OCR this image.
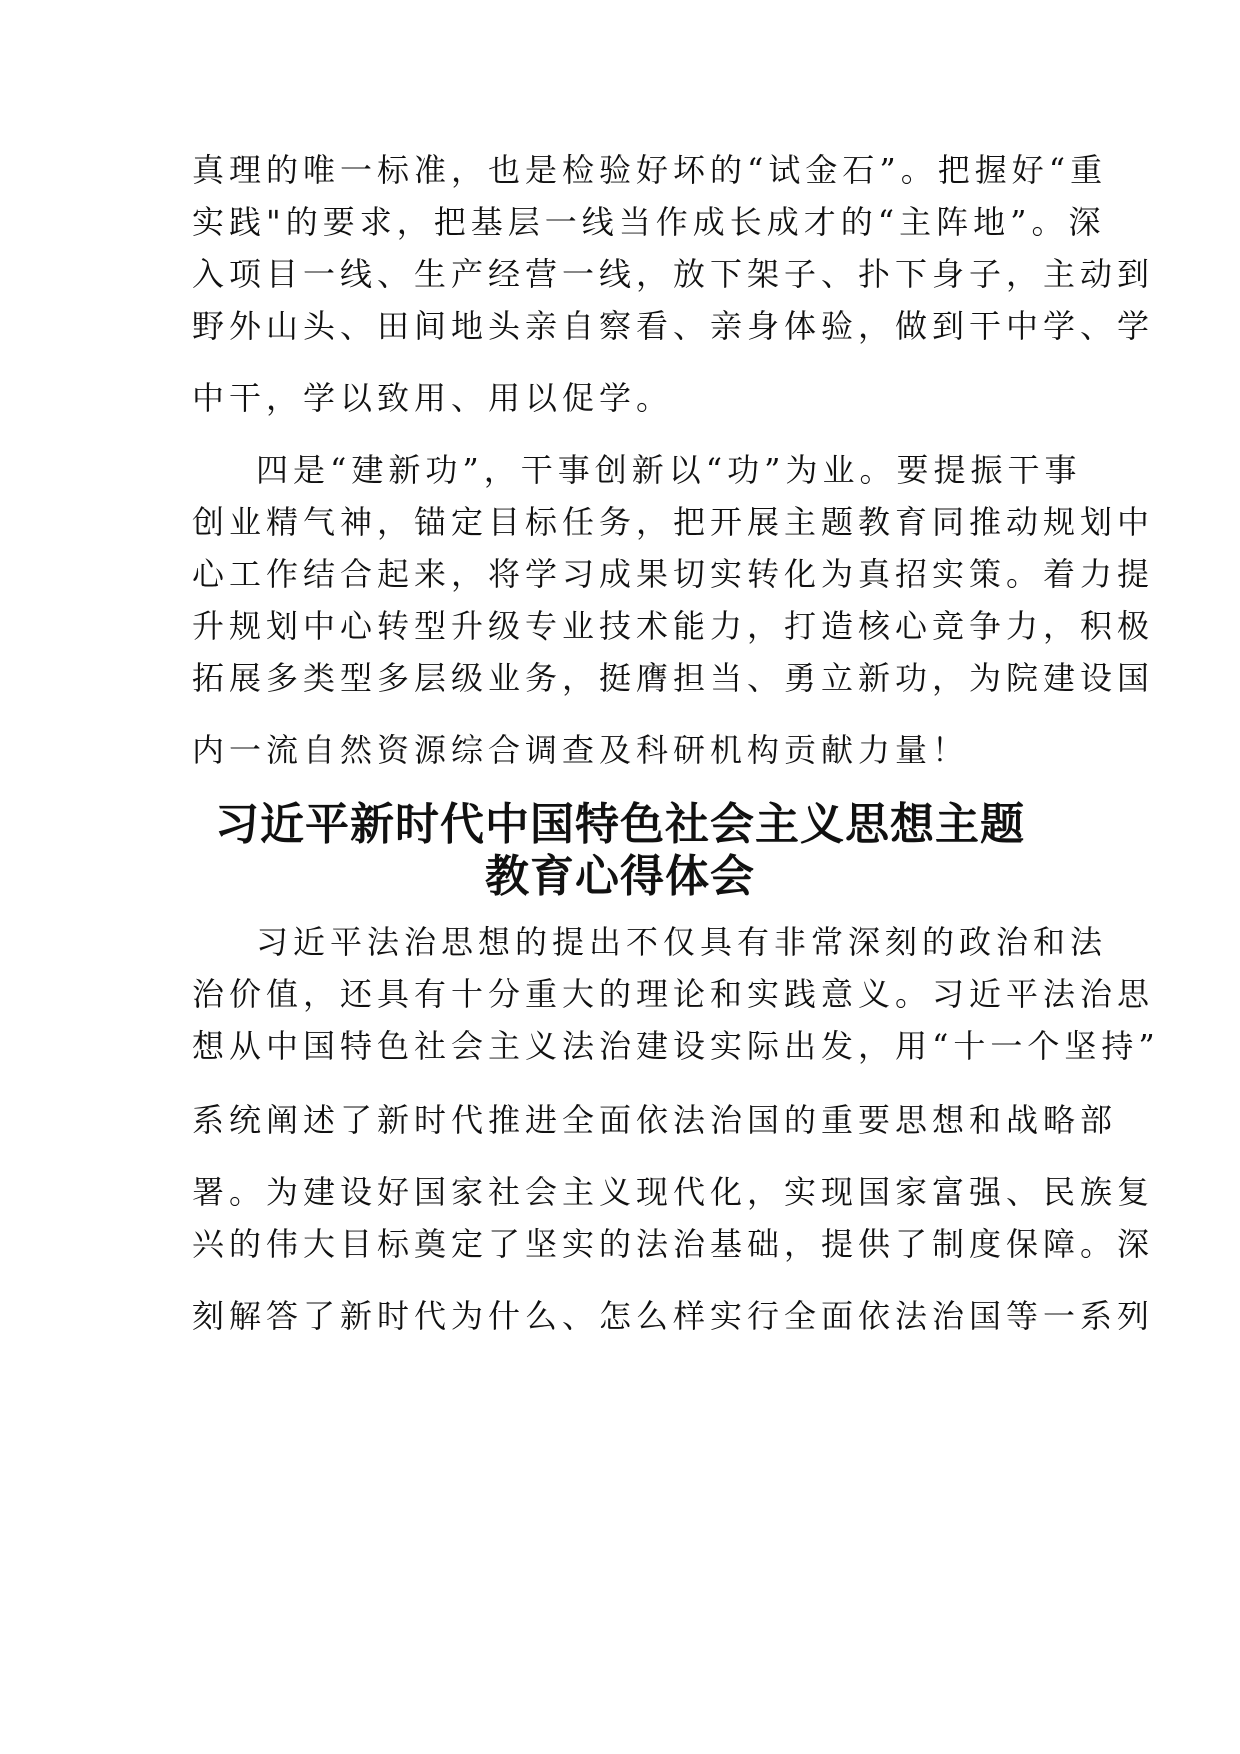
真理的唯一标准，也是检验好坏的“试金石”。把握好“重
实践"的要求，把基层一线当作成长成才的“主阵地”。深
入项目一线、生产经营一线，放下架子、扑下身子，主动到
野外山头、田间地头亲自察看、亲身体验，做到干中学、学
中干，学以致用、用以促学。
四是“建新功”，干事创新以“功”为业。要提振干事
创业精气神，锚定目标任务，把开展主题教育同推动规划中
心工作结合起来，将学习成果切实转化为真招实策。着力提
升规划中心转型升级专业技术能力，打造核心竞争力，积极
拓展多类型多层级业务，挺膺担当、勇立新功，为院建设国
内一流自然资源综合调查及科研机构贡献力量！
习近平新时代中国特色社会主义思想主题
教育心得体会
习近平法治思想的提出不仅具有非常深刻的政治和法
治价值，还具有十分重大的理论和实践意义。习近平法治思
想从中国特色社会主义法治建设实际出发，用“十一个坚持”
系统阐述了新时代推进全面依法治国的重要思想和战略部
署。为建设好国家社会主义现代化，实现国家富强、民族复
兴的伟大目标奠定了坚实的法治基础，提供了制度保障。深
刻解答了新时代为什么、怎么样实行全面依法治国等一系列
